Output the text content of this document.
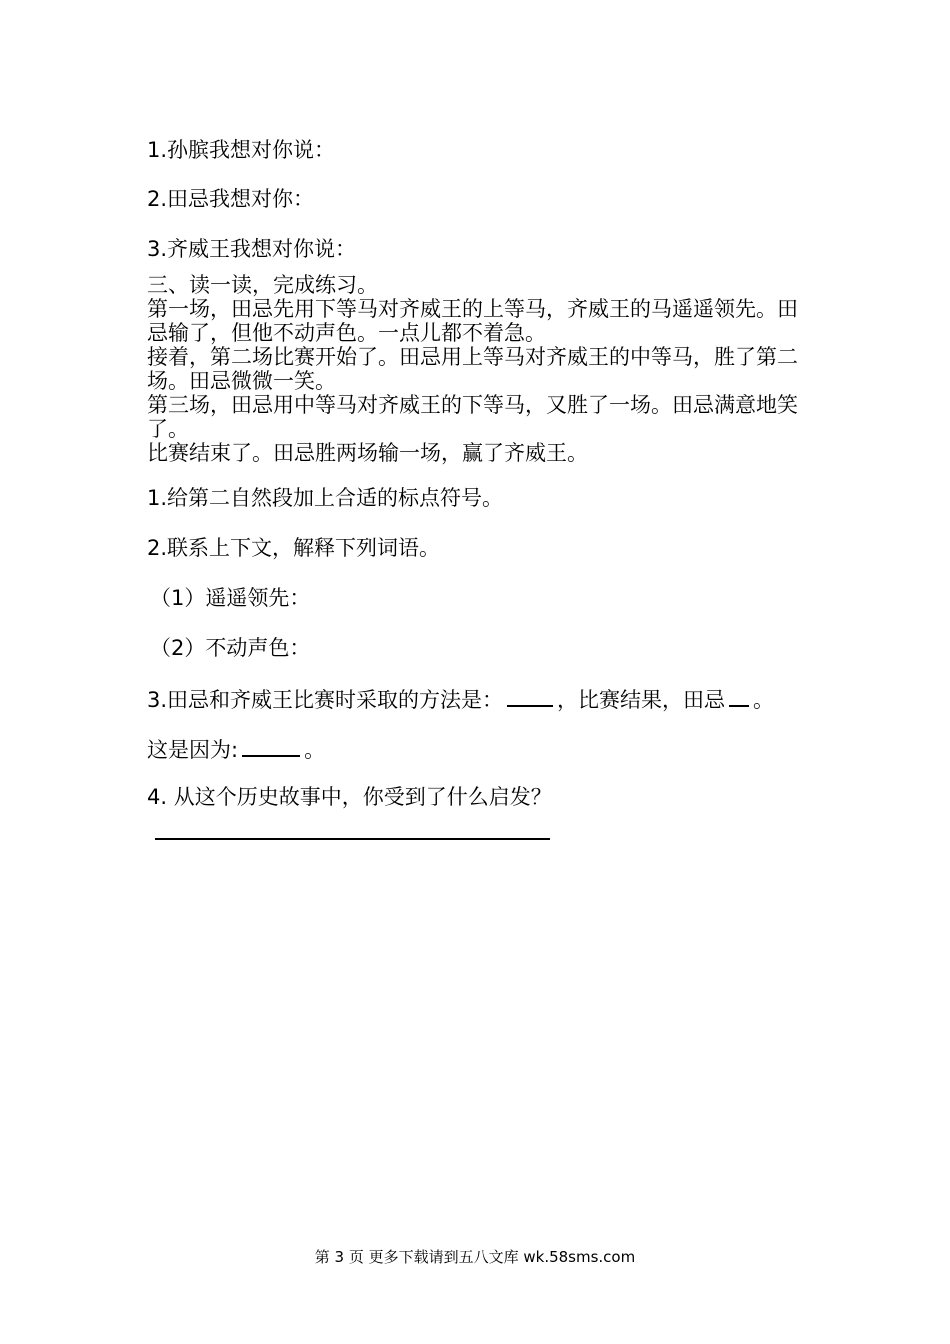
1.孙膑我想对你说：
2.田忌我想对你：
3.齐威王我想对你说：

三、读一读，完成练习。

第一场，田忌先用下等马对齐威王的上等马，齐威王的马遥遥领先。田忌输了，但他不动声色。一点儿都不着急。

接着，第二场比赛开始了。田忌用上等马对齐威王的中等马，胜了第二场。田忌微微一笑。

第三场，田忌用中等马对齐威王的下等马，又胜了一场。田忌满意地笑了。

比赛结束了。田忌胜两场输一场，赢了齐威王。

1.给第二自然段加上合适的标点符号。
2.联系上下文，解释下列词语。
（1）遥遥领先：
（2）不动声色：
3.田忌和齐威王比赛时采取的方法是：	，比赛结果，田忌 。
这是因为:	。
4. 从这个历史故事中，你受到了什么启发？
第 3 页 更多下载请到五八文库 wk.58sms.com
